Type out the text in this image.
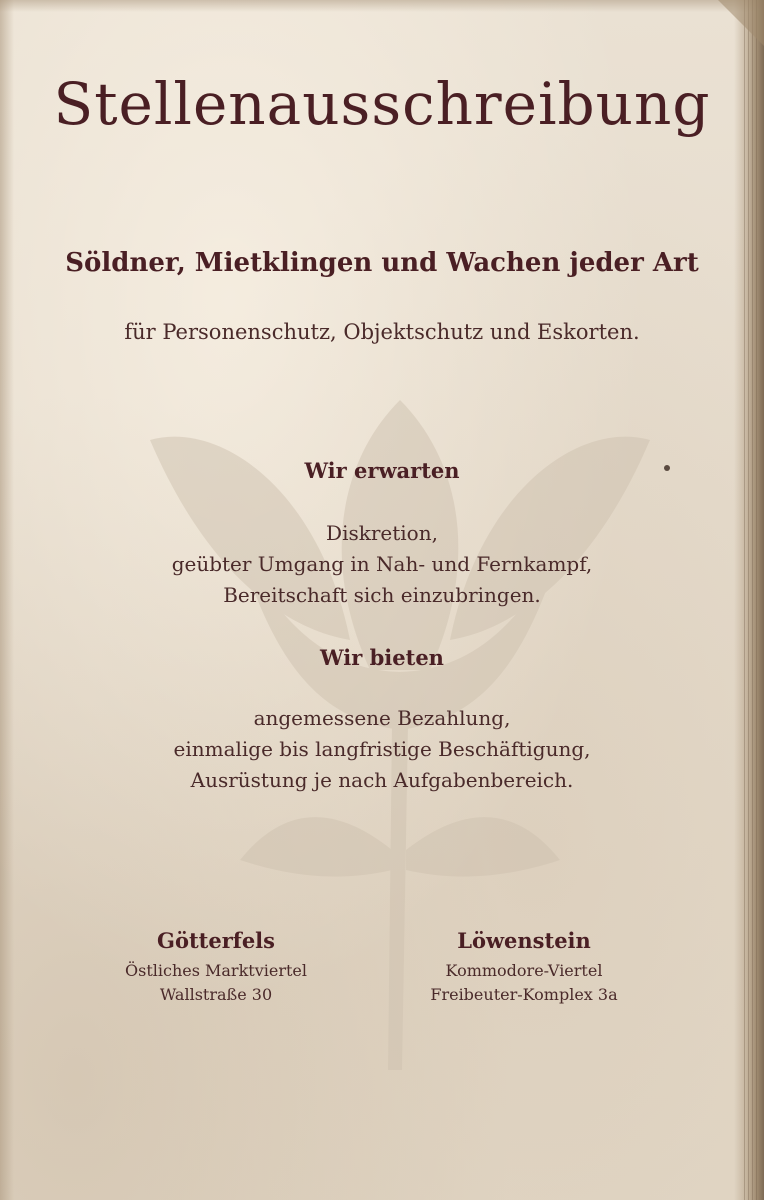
Stellenausschreibung
Söldner, Mietklingen und Wachen jeder Art
für Personenschutz, Objektschutz und Eskorten.
Wir erwarten
Diskretion,
geübter Umgang in Nah- und Fernkampf,
Bereitschaft sich einzubringen.
Wir bieten
angemessene Bezahlung,
einmalige bis langfristige Beschäftigung,
Ausrüstung je nach Aufgabenbereich.
Götterfels
Östliches Marktviertel
Wallstraße 30
Löwenstein
Kommodore-Viertel
Freibeuter-Komplex 3a
